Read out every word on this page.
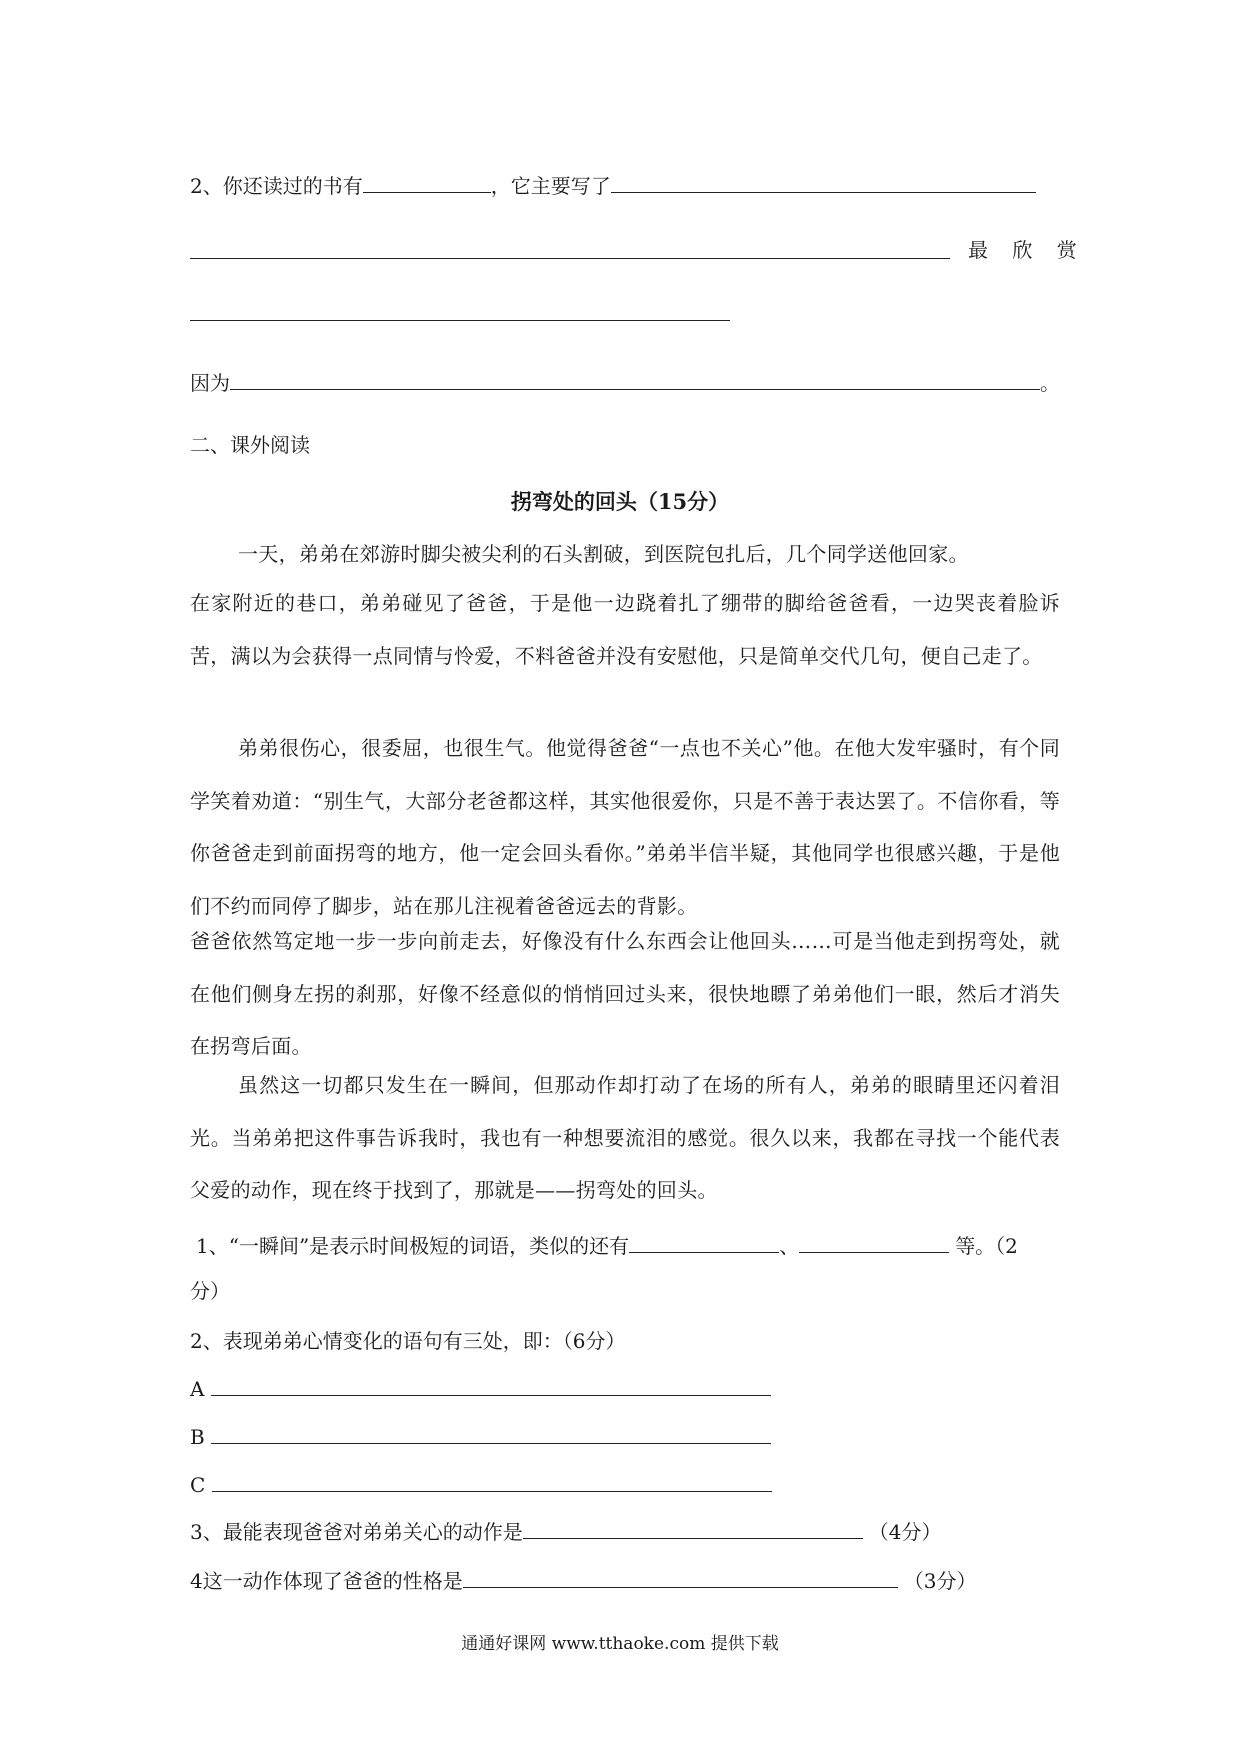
2、你还读过的书有	，它主要写了
最 欣 赏
因为	。
二、课外阅读
拐弯处的回头（15分）
一天，弟弟在郊游时脚尖被尖利的石头割破，到医院包扎后，几个同学送他回家。
在家附近的巷口，弟弟碰见了爸爸，于是他一边跷着扎了绷带的脚给爸爸看，一边哭丧着脸诉苦，满以为会获得一点同情与怜爱，不料爸爸并没有安慰他，只是简单交代几句，便自己走了。
弟弟很伤心，很委屈，也很生气。他觉得爸爸“一点也不关心”他。在他大发牢骚时，有个同学笑着劝道：“别生气，大部分老爸都这样，其实他很爱你，只是不善于表达罢了。不信你看，等你爸爸走到前面拐弯的地方，他一定会回头看你。”弟弟半信半疑，其他同学也很感兴趣，于是他们不约而同停了脚步，站在那儿注视着爸爸远去的背影。
爸爸依然笃定地一步一步向前走去，好像没有什么东西会让他回头……可是当他走到拐弯处，就在他们侧身左拐的刹那，好像不经意似的悄悄回过头来，很快地瞟了弟弟他们一眼，然后才消失在拐弯后面。
虽然这一切都只发生在一瞬间，但那动作却打动了在场的所有人，弟弟的眼睛里还闪着泪光。当弟弟把这件事告诉我时，我也有一种想要流泪的感觉。很久以来，我都在寻找一个能代表父爱的动作，现在终于找到了，那就是——拐弯处的回头。
1、“一瞬间”是表示时间极短的词语，类似的还有	、	等。（2
分）
2、表现弟弟心情变化的语句有三处，即：（6分）
A
B
C
3、最能表现爸爸对弟弟关心的动作是	（4分）
4这一动作体现了爸爸的性格是	（3分）
通通好课网 www.tthaoke.com 提供下载
